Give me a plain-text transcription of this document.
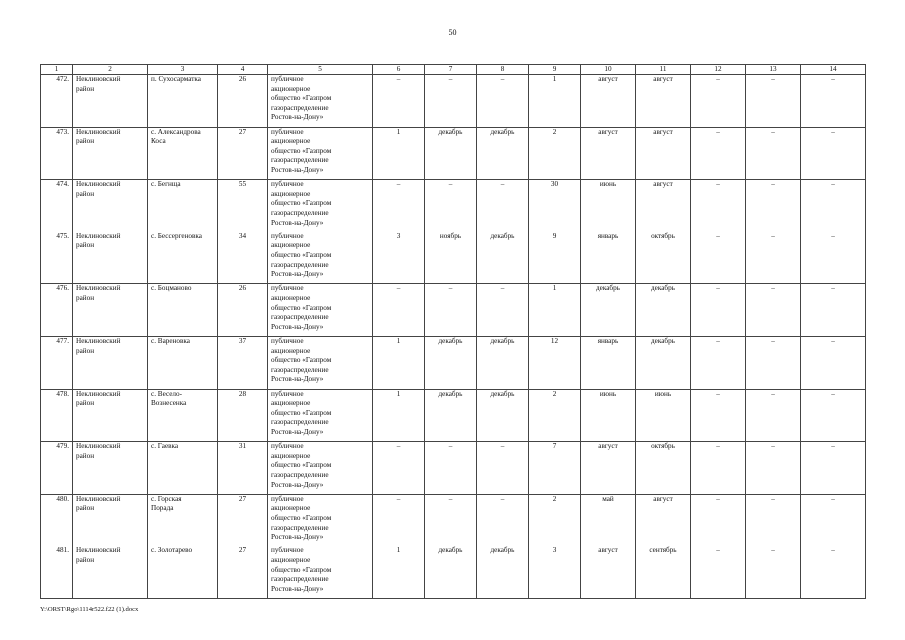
50
1	2	3	4	5	6	7	8	9	10	11	12	13	14
472.	Неклиновский
район	п. Сухосарматка	26	публичное
акционерное
общество «Газпром
газораспределение
Ростов-на-Дону»	–	–	–	1	август	август	–	–	–
473.	Неклиновский
район	с. Александрова
Коса	27	публичное
акционерное
общество «Газпром
газораспределение
Ростов-на-Дону»	1	декабрь	декабрь	2	август	август	–	–	–
474.	Неклиновский
район	с. Бегнщa	55	публичное
акционерное
общество «Газпром
газораспределение
Ростов-на-Дону»	–	–	–	30	июнь	август	–	–	–
475.	Неклиновский
район	с. Бессергеновка	34	публичное
акционерное
общество «Газпром
газораспределение
Ростов-на-Дону»	3	ноябрь	декабрь	9	январь	октябрь	–	–	–
476.	Неклиновский
район	с. Боцманово	26	публичное
акционерное
общество «Газпром
газораспределение
Ростов-на-Дону»	–	–	–	1	декабрь	декабрь	–	–	–
477.	Неклиновский
район	с. Вареновка	37	публичное
акционерное
общество «Газпром
газораспределение
Ростов-на-Дону»	1	декабрь	декабрь	12	январь	декабрь	–	–	–
478.	Неклиновский
район	с. Весело-
Вознесенка	28	публичное
акционерное
общество «Газпром
газораспределение
Ростов-на-Дону»	1	декабрь	декабрь	2	июнь	июнь	–	–	–
479.	Неклиновский
район	с. Гаевка	31	публичное
акционерное
общество «Газпром
газораспределение
Ростов-на-Дону»	–	–	–	7	август	октябрь	–	–	–
480.	Неклиновский
район	с. Горская
Порада	27	публичное
акционерное
общество «Газпром
газораспределение
Ростов-на-Дону»	–	–	–	2	май	август	–	–	–
481.	Неклиновский
район	с. Золотарево	27	публичное
акционерное
общество «Газпром
газораспределение
Ростов-на-Дону»	1	декабрь	декабрь	3	август	сентябрь	–	–	–
Y:\ORST\Rgo\1114r522.f22 (1).docx
